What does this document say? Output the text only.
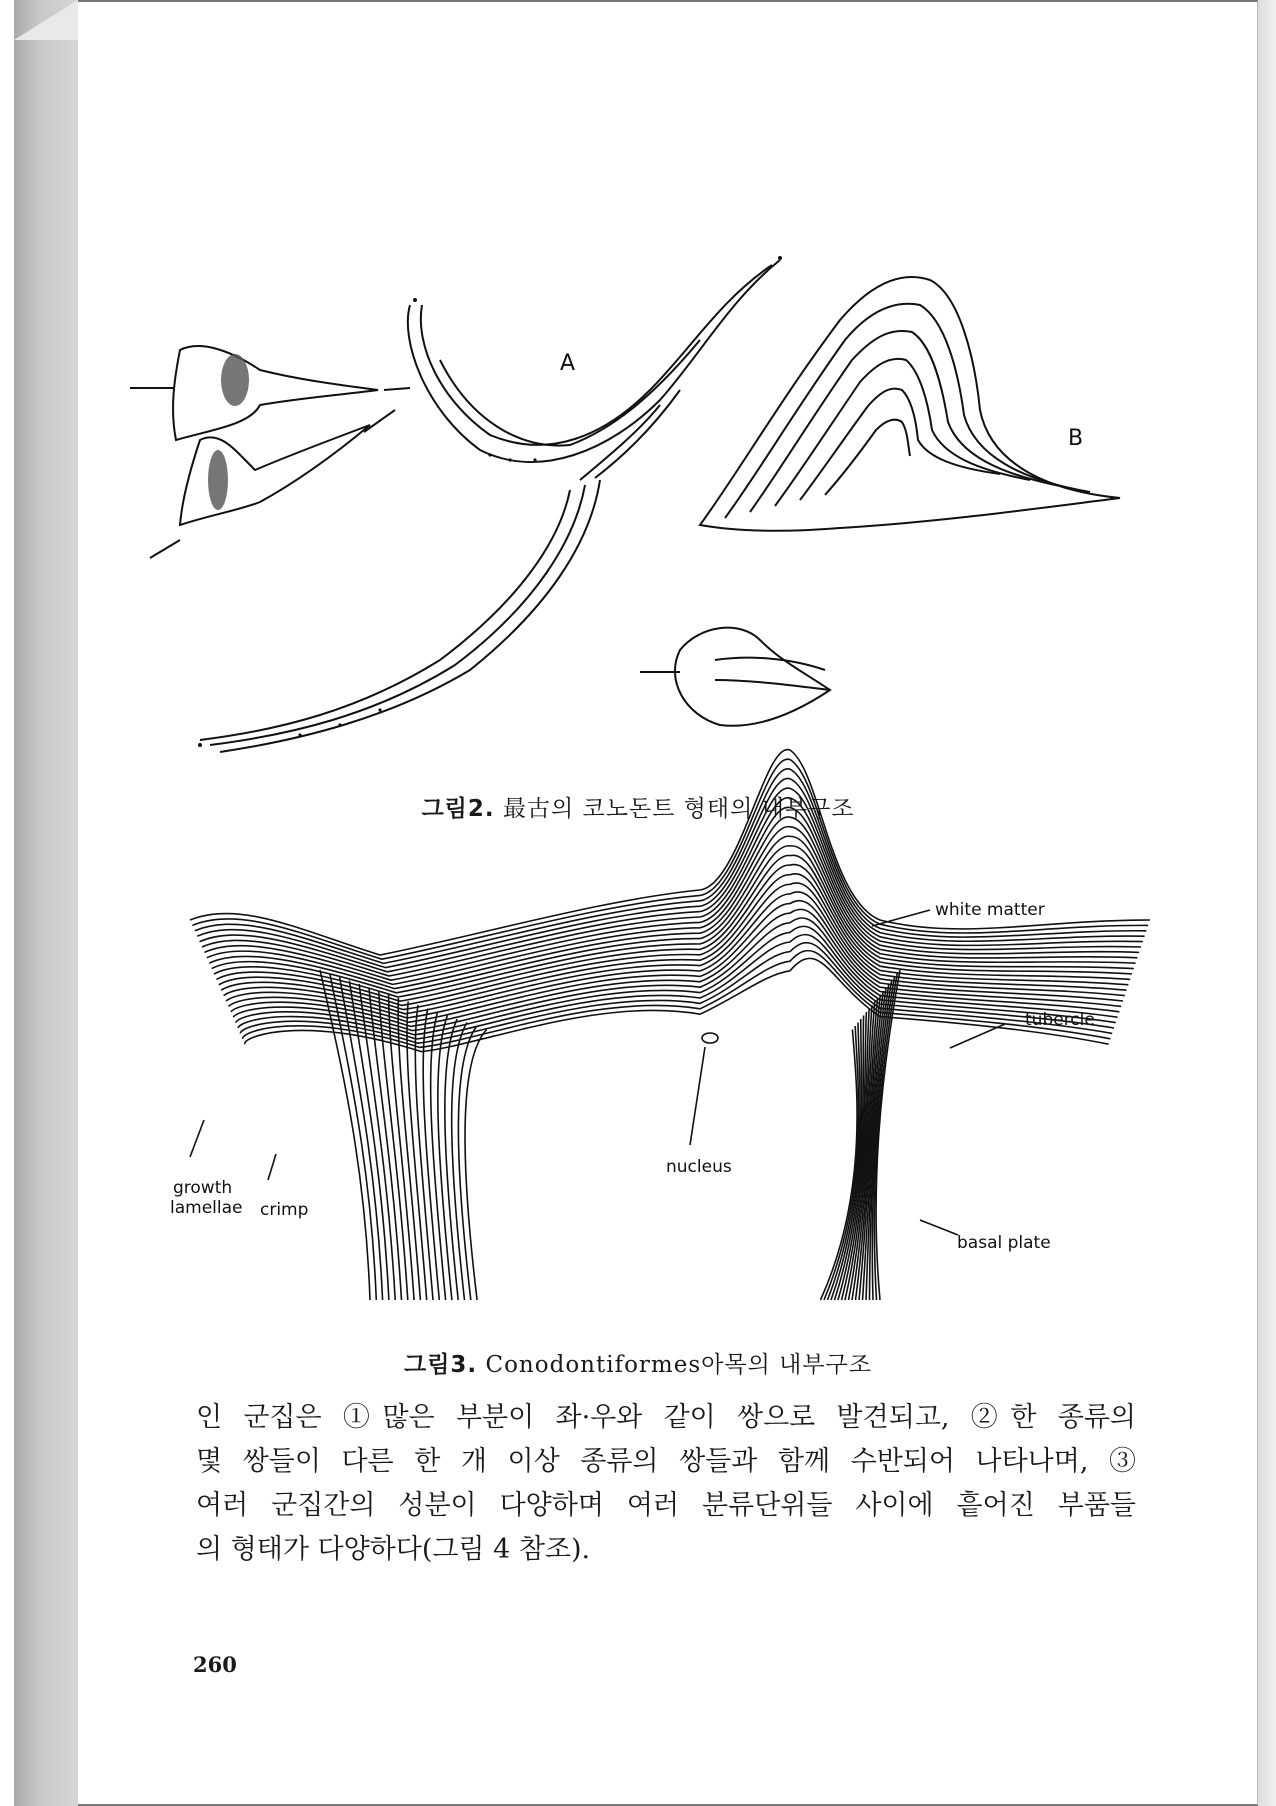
A
B
그림2. 最古의 코노돈트 형태의 내부구조
white matter
tubercle
nucleus
growth
lamellae crimp
basal plate
그림3. Conodontiformes아목의 내부구조
인 군집은 ①많은 부분이 좌·우와 같이 쌍으로 발견되고, ②한 종류의
몇 쌍들이 다른 한 개 이상 종류의 쌍들과 함께 수반되어 나타나며, ③
여러 군집간의 성분이 다양하며 여러 분류단위들 사이에 흩어진 부품들
의 형태가 다양하다(그림 4 참조).
260
